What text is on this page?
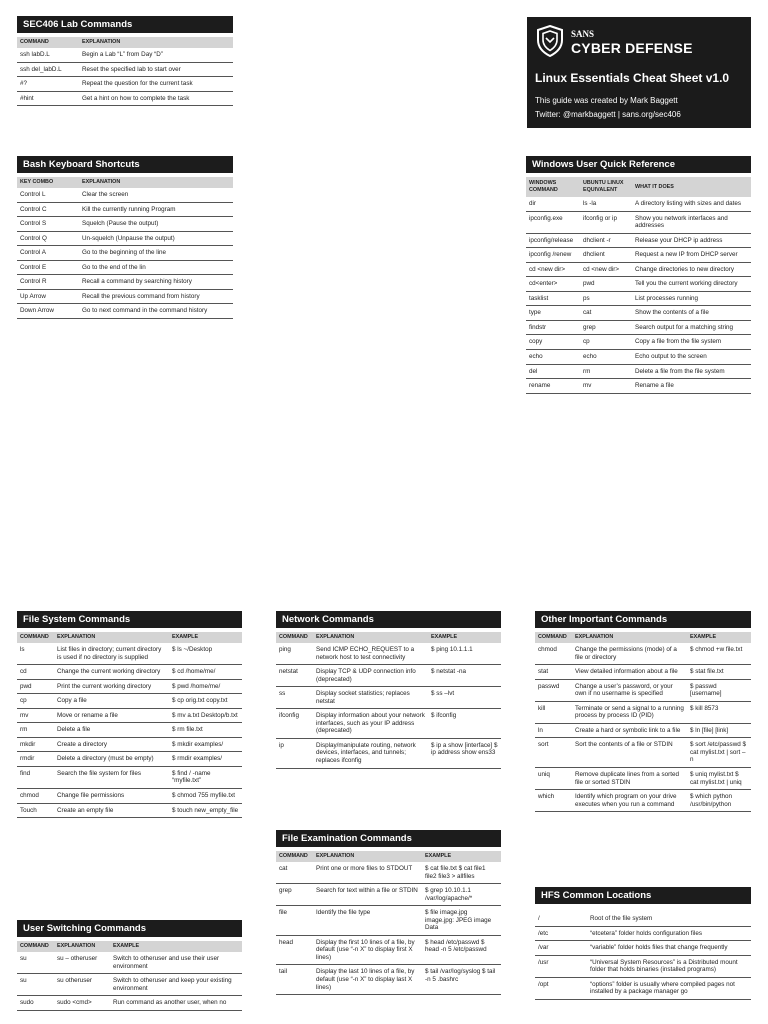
SEC406 Lab Commands
COMMAND	EXPLANATION
ssh labD.L	Begin a Lab “L” from Day “D”
ssh del_labD.L	Reset the specified lab to start over
#?	Repeat the question for the current task
#hint	Get a hint on how to complete the task
SANS
CYBER DEFENSE
Linux Essentials Cheat Sheet v1.0
This guide was created by Mark Baggett
Twitter: @markbaggett | sans.org/sec406
Bash Keyboard Shortcuts
KEY COMBO	EXPLANATION
Control L	Clear the screen
Control C	Kill the currently running Program
Control S	Squelch (Pause the output)
Control Q	Un-squelch (Unpause the output)
Control A	Go to the beginning of the line
Control E	Go to the end of the lin
Control R	Recall a command by searching history
Up Arrow	Recall the previous command from history
Down Arrow	Go to next command in the command history
Windows User Quick Reference
WINDOWS COMMAND	UBUNTU LINUX EQUIVALENT	WHAT IT DOES
dir	ls -la	A directory listing with sizes and dates
ipconfig.exe	ifconfig or ip	Show you network interfaces and addresses
ipconfig/release	dhclient -r	Release your DHCP ip address
ipconfig /renew	dhclient	Request a new IP from DHCP server
cd <new dir>	cd <new dir>	Change directories to new directory
cd<enter>	pwd	Tell you the current working directory
tasklist	ps	List processes running
type	cat	Show the contents of a file
findstr	grep	Search output for a matching string
copy	cp	Copy a file from the file system
echo	echo	Echo output to the screen
del	rm	Delete a file from the file system
rename	mv	Rename a file
File System Commands
COMMAND	EXPLANATION	EXAMPLE
ls	List files in directory; current directory is used if no directory is supplied	$ ls ~/Desktop
cd	Change the current working directory	$ cd /home/me/
pwd	Print the current working directory	$ pwd /home/me/
cp	Copy a file	$ cp orig.txt copy.txt
mv	Move or rename a file	$ mv a.txt Desktop/b.txt
rm	Delete a file	$ rm file.txt
mkdir	Create a directory	$ mkdir examples/
rmdir	Delete a directory (must be empty)	$ rmdir examples/
find	Search the file system for files	$ find / -name “myfile.txt”
chmod	Change file permissions	$ chmod 755 myfile.txt
Touch	Create an empty file	$ touch new_empty_file
User Switching Commands
COMMAND	EXPLANATION	EXAMPLE
su	su – otheruser	Switch to otheruser and use their user environment
su	su otheruser	Switch to otheruser and keep your existing environment
sudo	sudo <cmd>	Run command as another user, when no
Network Commands
COMMAND	EXPLANATION	EXAMPLE
ping	Send ICMP ECHO_REQUEST to a network host to test connectivity	$ ping 10.1.1.1
netstat	Display TCP & UDP connection info (deprecated)	$ netstat -na
ss	Display socket statistics; replaces netstat	$ ss –lvt
ifconfig	Display information about your network interfaces, such as your IP address (deprecated)	$ ifconfig
ip	Display/manipulate routing, network devices, interfaces, and tunnels; replaces ifconfig	$ ip a show [interface] $ ip address show ens33
File Examination Commands
COMMAND	EXPLANATION	EXAMPLE
cat	Print one or more files to STDOUT	$ cat file.txt $ cat file1 file2 file3 > allfiles
grep	Search for text within a file or STDIN	$ grep 10.10.1.1 /var/log/apache/*
file	Identify the file type	$ file image.jpg image.jpg: JPEG image Data
head	Display the first 10 lines of a file, by default (use “-n X” to display first X lines)	$ head /etc/passwd $ head -n 5 /etc/passwd
tail	Display the last 10 lines of a file, by default (use “-n X” to display last X lines)	$ tail /var/log/syslog $ tail -n 5 .bashrc
Other Important Commands
COMMAND	EXPLANATION	EXAMPLE
chmod	Change the permissions (mode) of a file or directory	$ chmod +w file.txt
stat	View detailed information about a file	$ stat file.txt
passwd	Change a user’s password, or your own if no username is specified	$ passwd [username]
kill	Terminate or send a signal to a running process by process ID (PID)	$ kill 8573
ln	Create a hard or symbolic link to a file	$ ln [file] [link]
sort	Sort the contents of a file or STDIN	$ sort /etc/passwd $ cat mylist.txt | sort –n
uniq	Remove duplicate lines from a sorted file or sorted STDIN	$ uniq mylist.txt $ cat mylist.txt | uniq
which	Identify which program on your drive executes when you run a command	$ which python /usr/bin/python
HFS Common Locations
/	Root of the file system
/etc	“etcetera” folder holds configuration files
/var	“variable” folder holds files that change frequently
/usr	“Universal System Resources” is a Distributed mount folder that holds binaries (installed programs)
/opt	“options” folder is usually where compiled pages not installed by a package manager go
